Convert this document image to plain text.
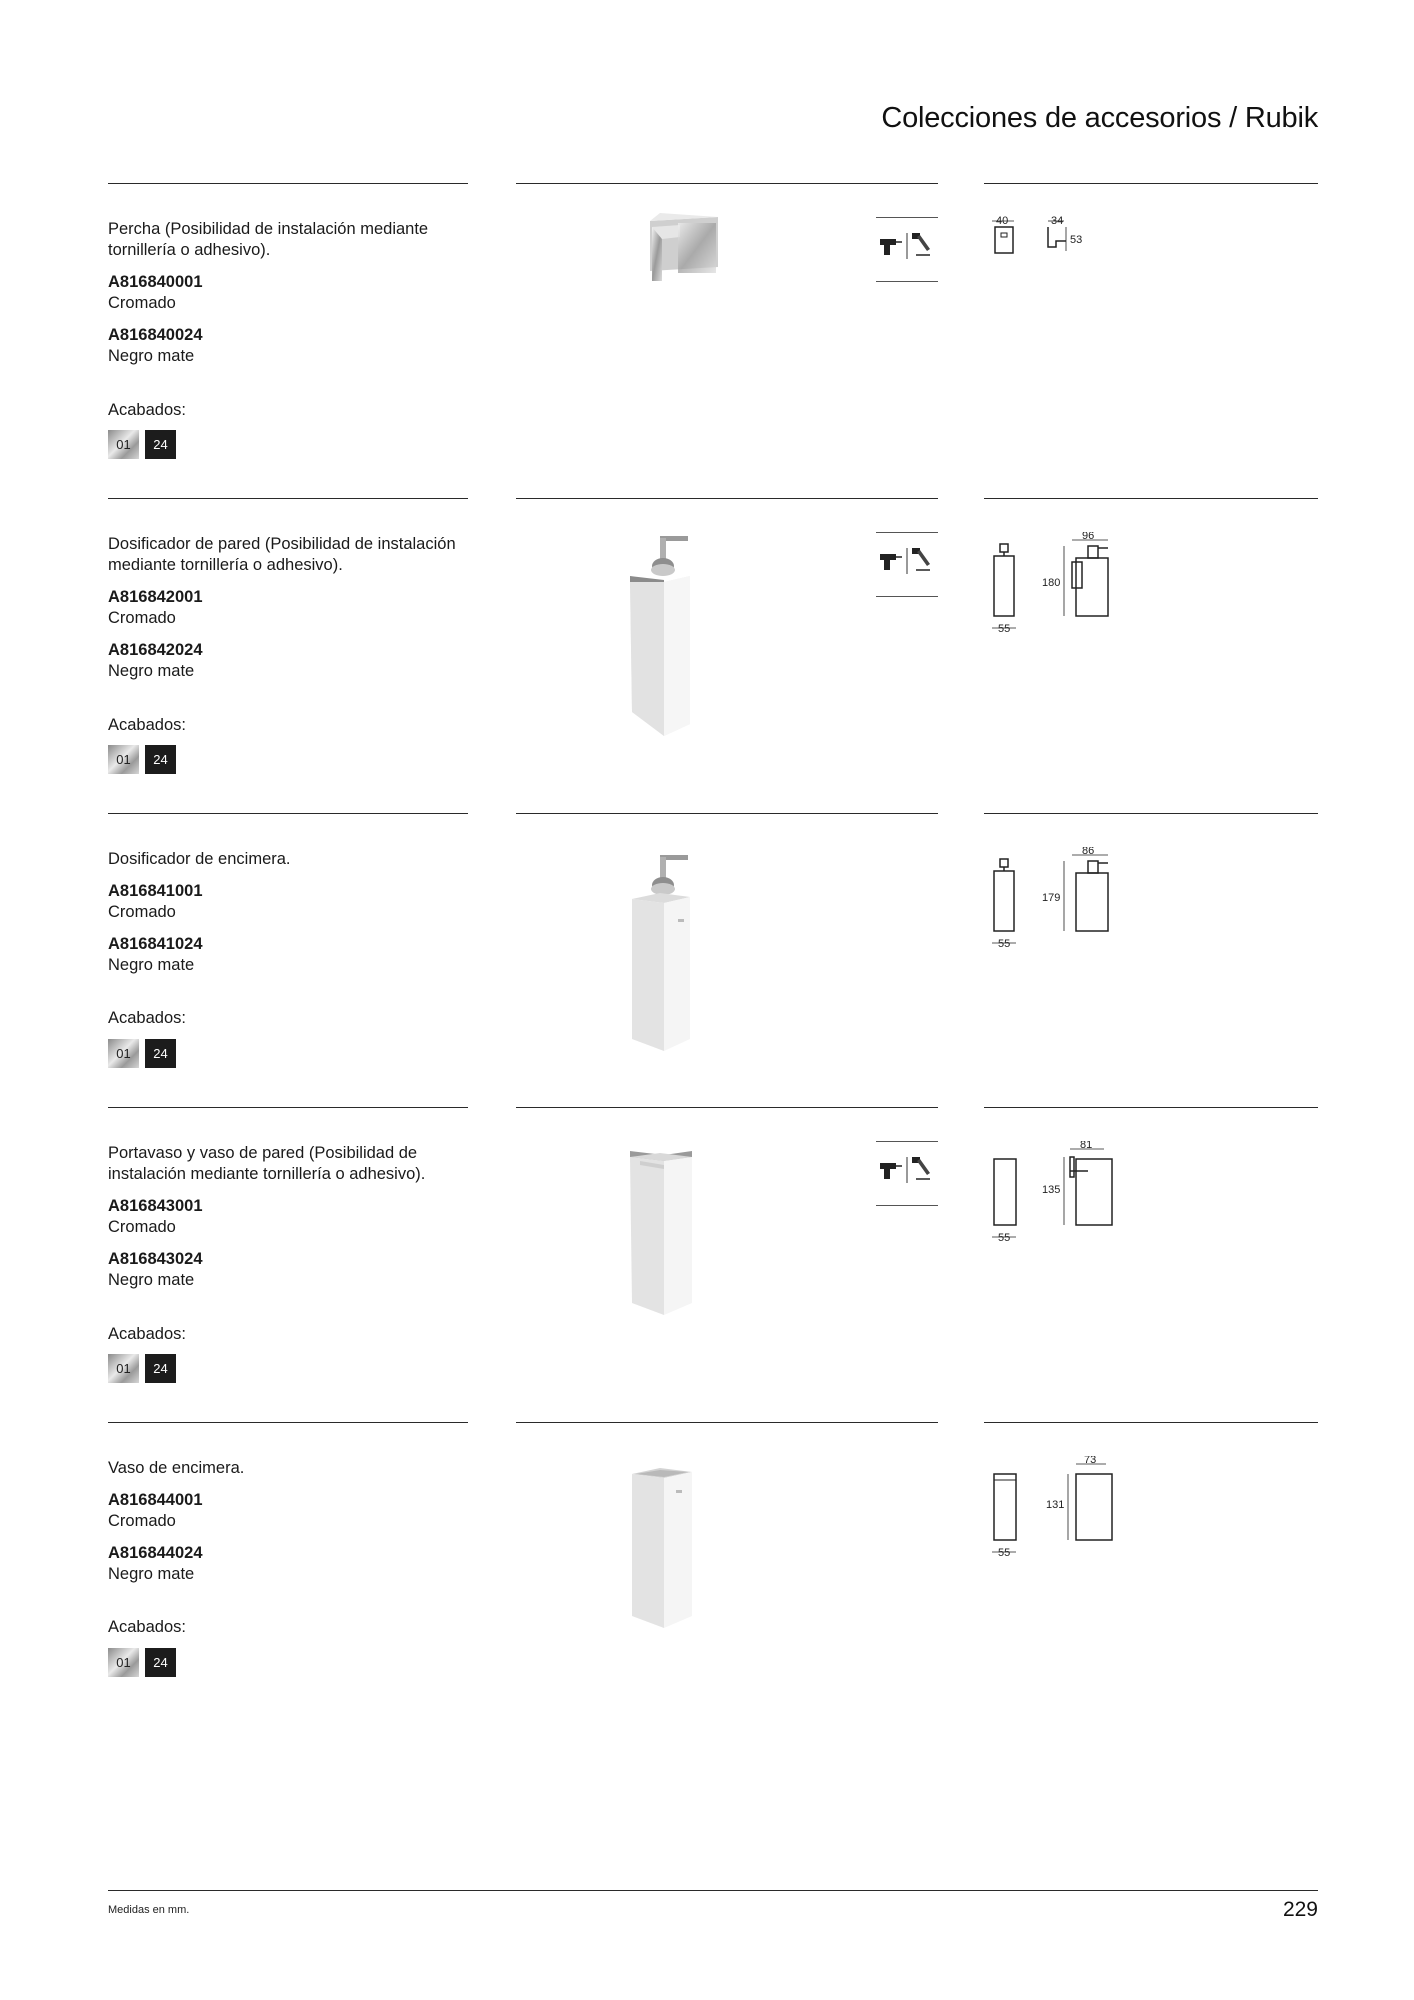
Colecciones de accesorios / Rubik

Percha (Posibilidad de instalación mediante tornillería o adhesivo).

A816840001
Cromado
A816840024
Negro mate
Acabados:
01	24
40	34
53

Dosificador de pared (Posibilidad de instalación mediante tornillería o adhesivo).

A816842001
Cromado
A816842024
Negro mate
Acabados:
01	24
55
96
180

Dosificador de encimera.

A816841001
Cromado
A816841024
Negro mate
Acabados:
01	24
55
86
179

Portavaso y vaso de pared (Posibilidad de instalación mediante tornillería o adhesivo).

A816843001
Cromado
A816843024
Negro mate
Acabados:
01	24
55
81
135

Vaso de encimera.

A816844001
Cromado
A816844024
Negro mate
Acabados:
01	24
55
73
131
Medidas en mm.	229
